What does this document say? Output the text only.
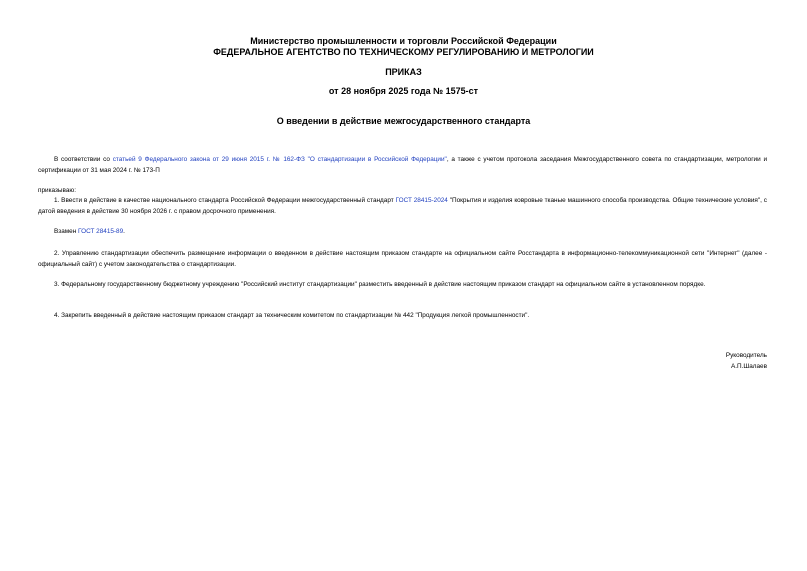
Министерство промышленности и торговли Российской Федерации
ФЕДЕРАЛЬНОЕ АГЕНТСТВО ПО ТЕХНИЧЕСКОМУ РЕГУЛИРОВАНИЮ И МЕТРОЛОГИИ
ПРИКАЗ
от 28 ноября 2025 года № 1575-ст
О введении в действие межгосударственного стандарта
В соответствии со статьей 9 Федерального закона от 29 июня 2015 г. № 162-ФЗ "О стандартизации в Российской Федерации", а также с учетом протокола заседания Межгосударственного совета по стандартизации, метрологии и сертификации от 31 мая 2024 г. № 173-П
приказываю:
1. Ввести в действие в качестве национального стандарта Российской Федерации межгосударственный стандарт ГОСТ 28415-2024 "Покрытия и изделия ковровые тканые машинного способа производства. Общие технические условия", с датой введения в действие 30 ноября 2026 г. с правом досрочного применения.
Взамен ГОСТ 28415-89.
2. Управлению стандартизации обеспечить размещение информации о введенном в действие настоящим приказом стандарте на официальном сайте Росстандарта в информационно-телекоммуникационной сети "Интернет" (далее - официальный сайт) с учетом законодательства о стандартизации.
3. Федеральному государственному бюджетному учреждению "Российский институт стандартизации" разместить введенный в действие настоящим приказом стандарт на официальном сайте в установленном порядке.
4. Закрепить введенный в действие настоящим приказом стандарт за техническим комитетом по стандартизации № 442 "Продукция легкой промышленности".
Руководитель
А.П.Шалаев
